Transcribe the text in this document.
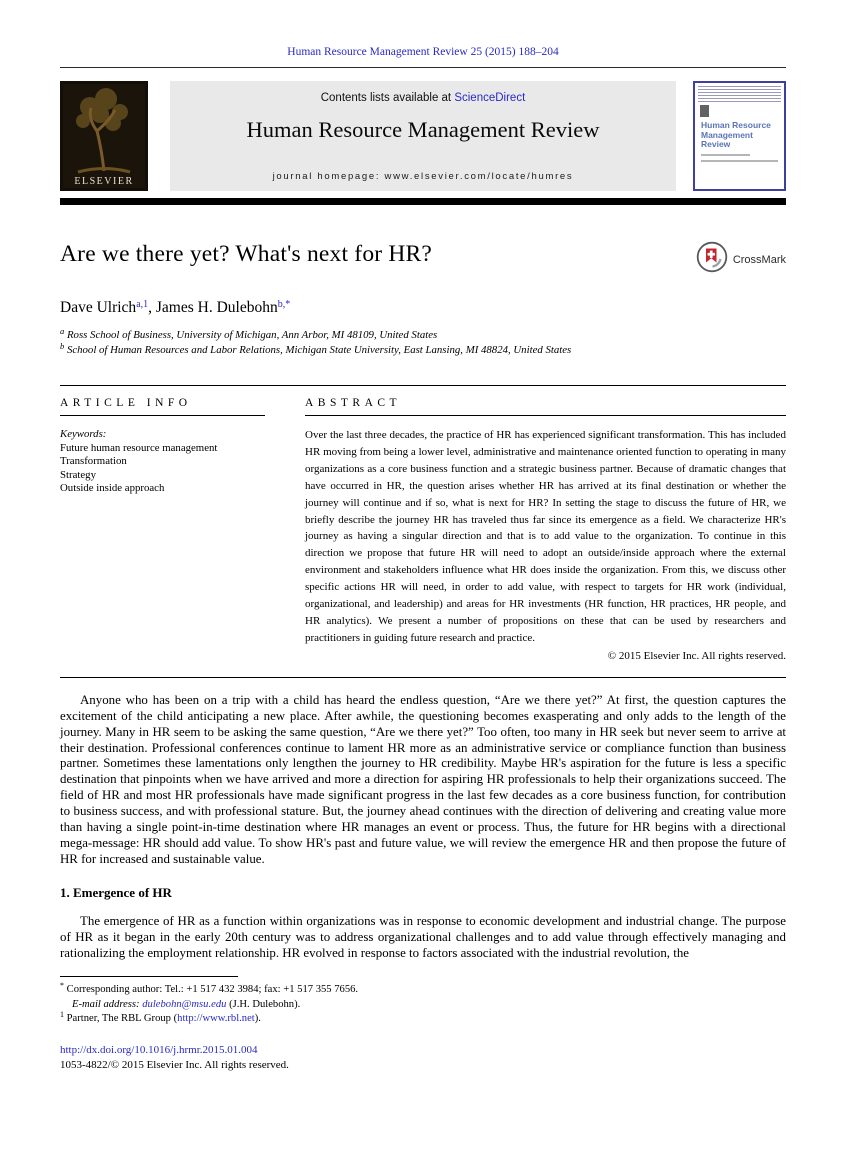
Human Resource Management Review 25 (2015) 188–204
ELSEVIER
Contents lists available at ScienceDirect
Human Resource Management Review
journal homepage: www.elsevier.com/locate/humres
Human Resource Management Review
Are we there yet? What's next for HR?	CrossMark
Dave Ulrich$^{a,1}$, James H. Dulebohn$^{b,*}$
$^a$ Ross School of Business, University of Michigan, Ann Arbor, MI 48109, United States
$^b$ School of Human Resources and Labor Relations, Michigan State University, East Lansing, MI 48824, United States
ARTICLE INFO
Keywords:
Future human resource management
Transformation
Strategy
Outside inside approach
ABSTRACT

Over the last three decades, the practice of HR has experienced significant transformation. This has included HR moving from being a lower level, administrative and maintenance oriented function to operating in many organizations as a core business function and a strategic business partner. Because of dramatic changes that have occurred in HR, the question arises whether HR has arrived at its final destination or whether the journey will continue and if so, what is next for HR? In setting the stage to discuss the future of HR, we briefly describe the journey HR has traveled thus far since its emergence as a field. We characterize HR's journey as having a singular direction and that is to add value to the organization. To continue in this direction we propose that future HR will need to adopt an outside/inside approach where the external environment and stakeholders influence what HR does inside the organization. From this, we discuss other specific actions HR will need, in order to add value, with respect to targets for HR work (individual, organizational, and leadership) and areas for HR investments (HR function, HR practices, HR people, and HR analytics). We present a number of propositions on these that can be used by researchers and practitioners in guiding future research and practice.

© 2015 Elsevier Inc. All rights reserved.

Anyone who has been on a trip with a child has heard the endless question, “Are we there yet?” At first, the question captures the excitement of the child anticipating a new place. After awhile, the questioning becomes exasperating and only adds to the length of the journey. Many in HR seem to be asking the same question, “Are we there yet?” Too often, too many in HR seek but never seem to arrive at their destination. Professional conferences continue to lament HR more as an administrative service or compliance function than business partner. Sometimes these lamentations only lengthen the journey to HR credibility. Maybe HR's aspiration for the future is less a specific destination that pinpoints when we have arrived and more a direction for aspiring HR professionals to help their organizations succeed. The field of HR and most HR professionals have made significant progress in the last few decades as a core business function, for contribution to business success, and with professional stature. But, the journey ahead continues with the direction of delivering and creating value more than having a single point-in-time destination where HR manages an event or process. Thus, the future for HR begins with a directional mega-message: HR should add value. To show HR's past and future value, we will review the emergence HR and then propose the future of HR for increased and sustainable value.

1. Emergence of HR

The emergence of HR as a function within organizations was in response to economic development and industrial change. The purpose of HR as it began in the early 20th century was to address organizational challenges and to add value through effectively managing and rationalizing the employment relationship. HR evolved in response to factors associated with the industrial revolution, the

* Corresponding author: Tel.: +1 517 432 3984; fax: +1 517 355 7656.

E-mail address: dulebohn@msu.edu (J.H. Dulebohn).

$^1$ Partner, The RBL Group (http://www.rbl.net).

http://dx.doi.org/10.1016/j.hrmr.2015.01.004
1053-4822/© 2015 Elsevier Inc. All rights reserved.
